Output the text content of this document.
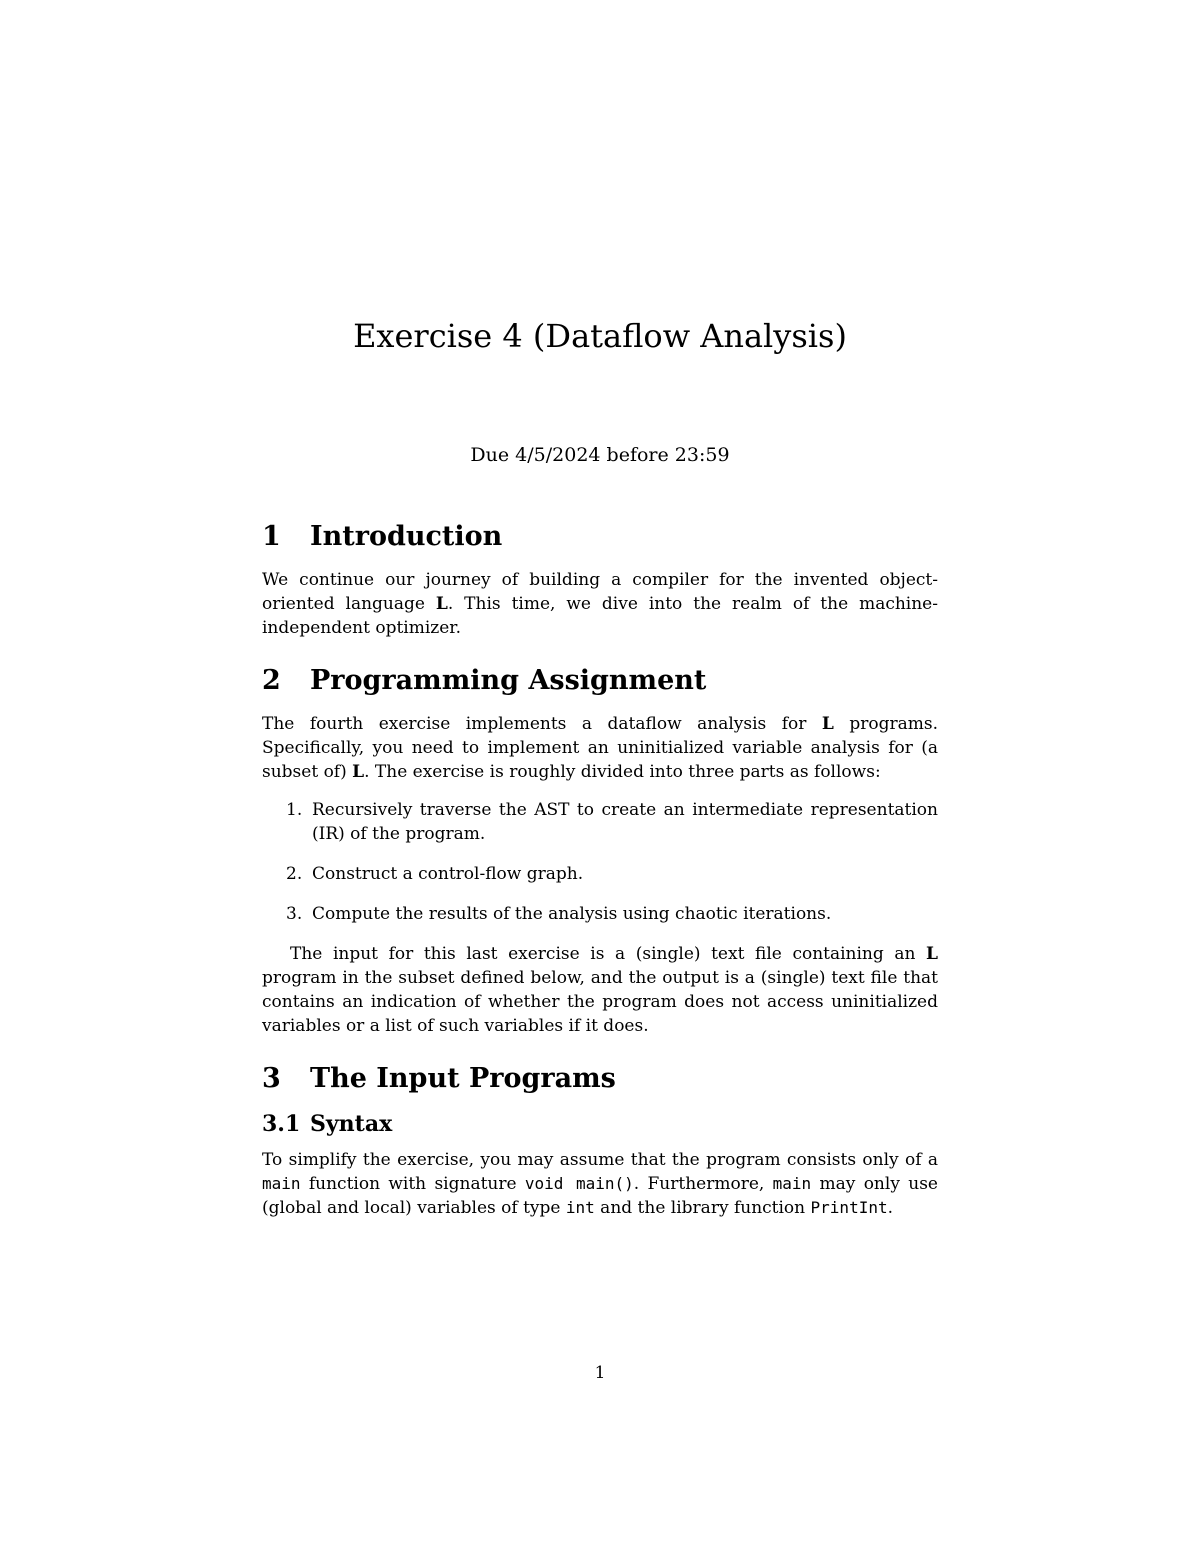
Exercise 4 (Dataflow Analysis)
Due 4/5/2024 before 23:59
1 Introduction

We continue our journey of building a compiler for the invented object-oriented language L. This time, we dive into the realm of the machine-independent optimizer.

2 Programming Assignment

The fourth exercise implements a dataflow analysis for L programs. Specifically, you need to implement an uninitialized variable analysis for (a subset of) L. The exercise is roughly divided into three parts as follows:

1. Recursively traverse the AST to create an intermediate representation (IR) of the program.
2. Construct a control-flow graph.
3. Compute the results of the analysis using chaotic iterations.

The input for this last exercise is a (single) text file containing an L program in the subset defined below, and the output is a (single) text file that contains an indication of whether the program does not access uninitialized variables or a list of such variables if it does.

3 The Input Programs
3.1 Syntax

To simplify the exercise, you may assume that the program consists only of a main function with signature void main(). Furthermore, main may only use (global and local) variables of type int and the library function PrintInt.

1
